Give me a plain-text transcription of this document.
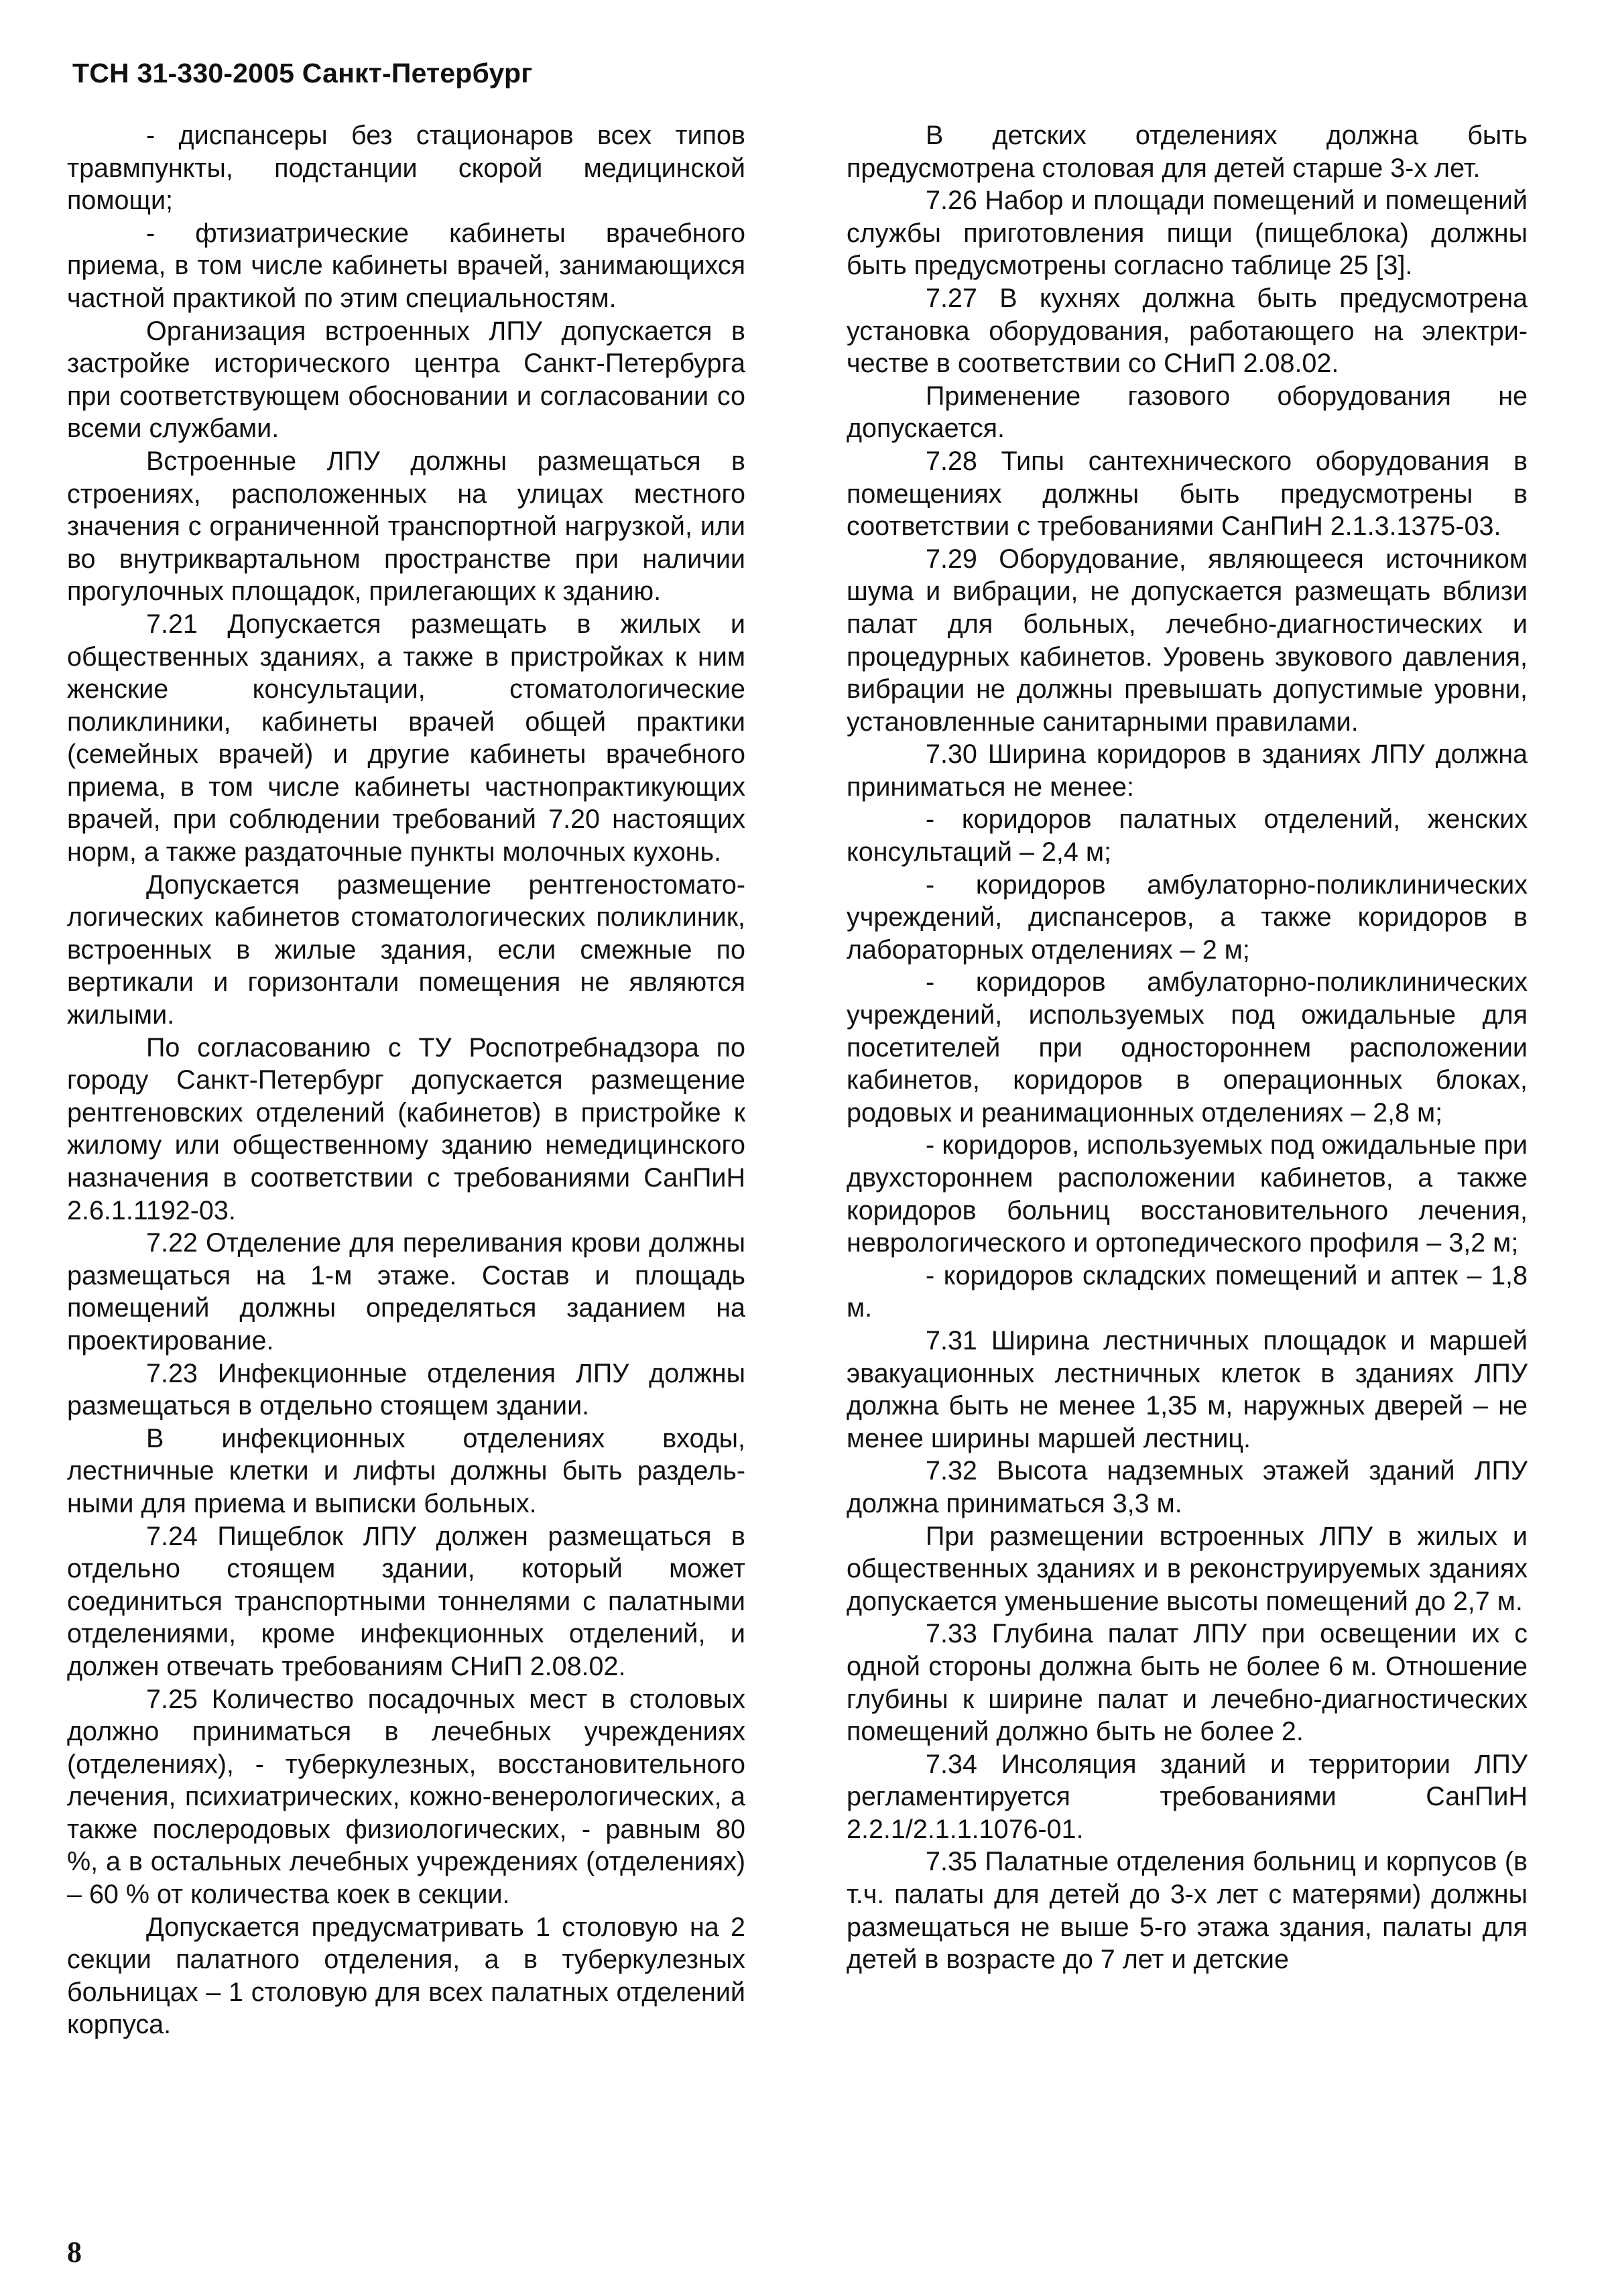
ТСН 31-330-2005 Санкт-Петербург

- диспансеры без стационаров всех типов травмпункты, подстанции скорой медицинской помощи;

- фтизиатрические кабинеты врачебного приема, в том числе кабинеты врачей, занимающихся частной практикой по этим специальностям.

Организация встроенных ЛПУ допускается в застройке исторического центра Санкт-Петербурга при соответствующем обосновании и согласовании со всеми службами.

Встроенные ЛПУ должны размещаться в строениях, расположенных на улицах местного значения с ограниченной транспортной нагрузкой, или во внутриквартальном пространстве при наличии прогулочных площадок, прилегающих к зданию.

7.21 Допускается размещать в жилых и общественных зданиях, а также в пристройках к ним женские консультации, стоматологические поликлиники, кабинеты врачей общей практики (семейных врачей) и другие кабинеты врачебного приема, в том числе кабинеты частнопрактикующих врачей, при соблюдении требований 7.20 настоящих норм, а также раздаточные пункты молочных кухонь.

Допускается размещение рентгеностоматологических кабинетов стоматологических поликлиник, встроенных в жилые здания, если смежные по вертикали и горизонтали помещения не являются жилыми.

По согласованию с ТУ Роспотребнадзора по городу Санкт-Петербург допускается размещение рентгеновских отделений (кабинетов) в пристройке к жилому или общественному зданию немедицинского назначения в соответствии с требованиями СанПиН 2.6.1.1192-03.

7.22 Отделение для переливания крови должны размещаться на 1-м этаже. Состав и площадь помещений должны определяться заданием на проектирование.

7.23 Инфекционные отделения ЛПУ должны размещаться в отдельно стоящем здании.

В инфекционных отделениях входы, лестничные клетки и лифты должны быть раздельными для приема и выписки больных.

7.24 Пищеблок ЛПУ должен размещаться в отдельно стоящем здании, который может соединиться транспортными тоннелями с палатными отделениями, кроме инфекционных отделений, и должен отвечать требованиям СНиП 2.08.02.

7.25 Количество посадочных мест в столовых должно приниматься в лечебных учреждениях (отделениях), - туберкулезных, восстановительного лечения, психиатрических, кожно-венерологических, а также послеродовых физиологических, - равным 80 %, а в остальных лечебных учреждениях (отделениях) – 60 % от количества коек в секции.

Допускается предусматривать 1 столовую на 2 секции палатного отделения, а в туберкулезных больницах – 1 столовую для всех палатных отделений корпуса.

В детских отделениях должна быть предусмотрена столовая для детей старше 3-х лет.

7.26 Набор и площади помещений и помещений службы приготовления пищи (пищеблока) должны быть предусмотрены согласно таблице 25 [3].

7.27 В кухнях должна быть предусмотрена установка оборудования, работающего на электричестве в соответствии со СНиП 2.08.02.

Применение газового оборудования не допускается.

7.28 Типы сантехнического оборудования в помещениях должны быть предусмотрены в соответствии с требованиями СанПиН 2.1.3.1375-03.

7.29 Оборудование, являющееся источником шума и вибрации, не допускается размещать вблизи палат для больных, лечебно-диагностических и процедурных кабинетов. Уровень звукового давления, вибрации не должны превышать допустимые уровни, установленные санитарными правилами.

7.30 Ширина коридоров в зданиях ЛПУ должна приниматься не менее:

- коридоров палатных отделений, женских консультаций – 2,4 м;

- коридоров амбулаторно-поликлинических учреждений, диспансеров, а также коридоров в лабораторных отделениях – 2 м;

- коридоров амбулаторно-поликлинических учреждений, используемых под ожидальные для посетителей при одностороннем расположении кабинетов, коридоров в операционных блоках, родовых и реанимационных отделениях – 2,8 м;

- коридоров, используемых под ожидальные при двухстороннем расположении кабинетов, а также коридоров больниц восстановительного лечения, неврологического и ортопедического профиля – 3,2 м;

- коридоров складских помещений и аптек – 1,8 м.

7.31 Ширина лестничных площадок и маршей эвакуационных лестничных клеток в зданиях ЛПУ должна быть не менее 1,35 м, наружных дверей – не менее ширины маршей лестниц.

7.32 Высота надземных этажей зданий ЛПУ должна приниматься 3,3 м.

При размещении встроенных ЛПУ в жилых и общественных зданиях и в реконструируемых зданиях допускается уменьшение высоты помещений до 2,7 м.

7.33 Глубина палат ЛПУ при освещении их с одной стороны должна быть не более 6 м. Отношение глубины к ширине палат и лечебно-диагностических помещений должно быть не более 2.

7.34 Инсоляция зданий и территории ЛПУ регламентируется требованиями СанПиН 2.2.1/2.1.1.1076-01.

7.35 Палатные отделения больниц и корпусов (в т.ч. палаты для детей до 3-х лет с матерями) должны размещаться не выше 5-го этажа здания, палаты для детей в возрасте до 7 лет и детские

8
